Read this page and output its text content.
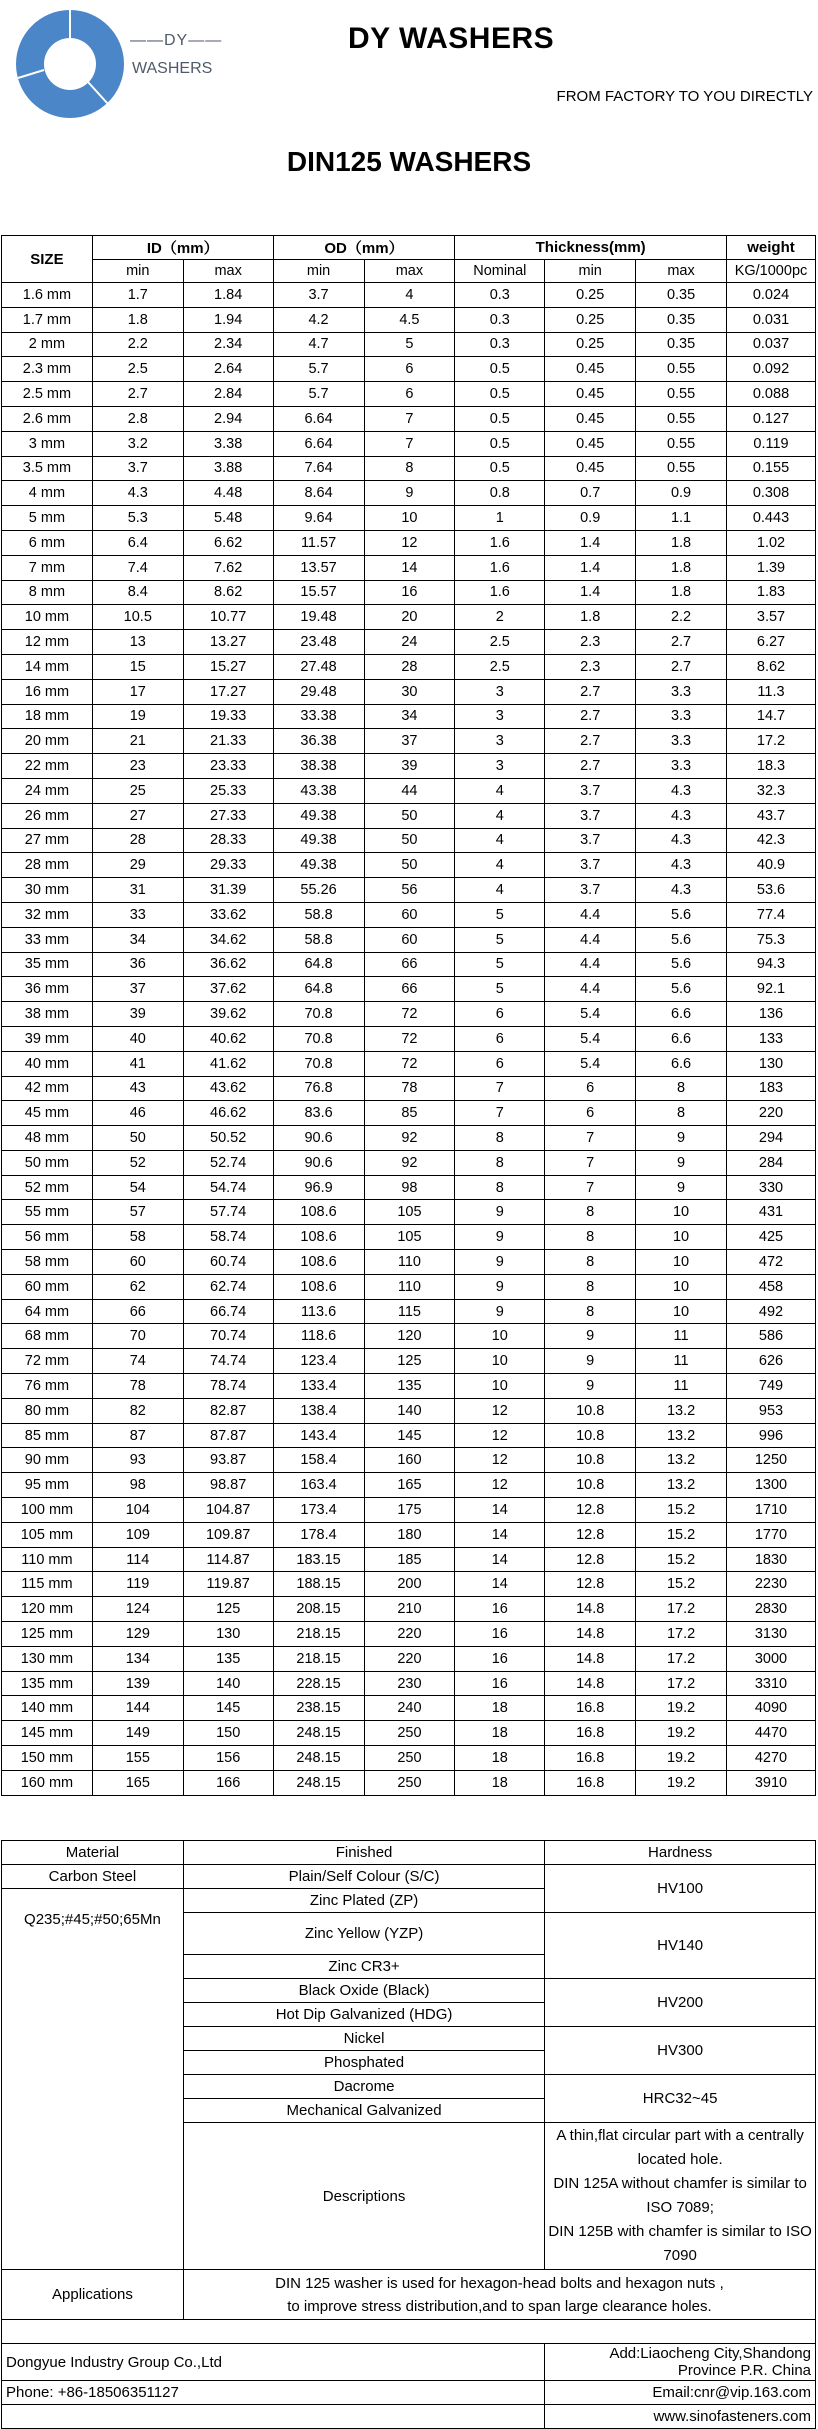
——DY——
WASHERS
DY WASHERS
FROM FACTORY TO YOU DIRECTLY
DIN125 WASHERS
SIZE	ID（mm）		OD（mm）		Thickness(mm)			weight
	min	max	min	max	Nominal	min	max	KG/1000pc
1.6 mm	1.7	1.84	3.7	4	0.3	0.25	0.35	0.024
1.7 mm	1.8	1.94	4.2	4.5	0.3	0.25	0.35	0.031
2 mm	2.2	2.34	4.7	5	0.3	0.25	0.35	0.037
2.3 mm	2.5	2.64	5.7	6	0.5	0.45	0.55	0.092
2.5 mm	2.7	2.84	5.7	6	0.5	0.45	0.55	0.088
2.6 mm	2.8	2.94	6.64	7	0.5	0.45	0.55	0.127
3 mm	3.2	3.38	6.64	7	0.5	0.45	0.55	0.119
3.5 mm	3.7	3.88	7.64	8	0.5	0.45	0.55	0.155
4 mm	4.3	4.48	8.64	9	0.8	0.7	0.9	0.308
5 mm	5.3	5.48	9.64	10	1	0.9	1.1	0.443
6 mm	6.4	6.62	11.57	12	1.6	1.4	1.8	1.02
7 mm	7.4	7.62	13.57	14	1.6	1.4	1.8	1.39
8 mm	8.4	8.62	15.57	16	1.6	1.4	1.8	1.83
10 mm	10.5	10.77	19.48	20	2	1.8	2.2	3.57
12 mm	13	13.27	23.48	24	2.5	2.3	2.7	6.27
14 mm	15	15.27	27.48	28	2.5	2.3	2.7	8.62
16 mm	17	17.27	29.48	30	3	2.7	3.3	11.3
18 mm	19	19.33	33.38	34	3	2.7	3.3	14.7
20 mm	21	21.33	36.38	37	3	2.7	3.3	17.2
22 mm	23	23.33	38.38	39	3	2.7	3.3	18.3
24 mm	25	25.33	43.38	44	4	3.7	4.3	32.3
26 mm	27	27.33	49.38	50	4	3.7	4.3	43.7
27 mm	28	28.33	49.38	50	4	3.7	4.3	42.3
28 mm	29	29.33	49.38	50	4	3.7	4.3	40.9
30 mm	31	31.39	55.26	56	4	3.7	4.3	53.6
32 mm	33	33.62	58.8	60	5	4.4	5.6	77.4
33 mm	34	34.62	58.8	60	5	4.4	5.6	75.3
35 mm	36	36.62	64.8	66	5	4.4	5.6	94.3
36 mm	37	37.62	64.8	66	5	4.4	5.6	92.1
38 mm	39	39.62	70.8	72	6	5.4	6.6	136
39 mm	40	40.62	70.8	72	6	5.4	6.6	133
40 mm	41	41.62	70.8	72	6	5.4	6.6	130
42 mm	43	43.62	76.8	78	7	6	8	183
45 mm	46	46.62	83.6	85	7	6	8	220
48 mm	50	50.52	90.6	92	8	7	9	294
50 mm	52	52.74	90.6	92	8	7	9	284
52 mm	54	54.74	96.9	98	8	7	9	330
55 mm	57	57.74	108.6	105	9	8	10	431
56 mm	58	58.74	108.6	105	9	8	10	425
58 mm	60	60.74	108.6	110	9	8	10	472
60 mm	62	62.74	108.6	110	9	8	10	458
64 mm	66	66.74	113.6	115	9	8	10	492
68 mm	70	70.74	118.6	120	10	9	11	586
72 mm	74	74.74	123.4	125	10	9	11	626
76 mm	78	78.74	133.4	135	10	9	11	749
80 mm	82	82.87	138.4	140	12	10.8	13.2	953
85 mm	87	87.87	143.4	145	12	10.8	13.2	996
90 mm	93	93.87	158.4	160	12	10.8	13.2	1250
95 mm	98	98.87	163.4	165	12	10.8	13.2	1300
100 mm	104	104.87	173.4	175	14	12.8	15.2	1710
105 mm	109	109.87	178.4	180	14	12.8	15.2	1770
110 mm	114	114.87	183.15	185	14	12.8	15.2	1830
115 mm	119	119.87	188.15	200	14	12.8	15.2	2230
120 mm	124	125	208.15	210	16	14.8	17.2	2830
125 mm	129	130	218.15	220	16	14.8	17.2	3130
130 mm	134	135	218.15	220	16	14.8	17.2	3000
135 mm	139	140	228.15	230	16	14.8	17.2	3310
140 mm	144	145	238.15	240	18	16.8	19.2	4090
145 mm	149	150	248.15	250	18	16.8	19.2	4470
150 mm	155	156	248.15	250	18	16.8	19.2	4270
160 mm	165	166	248.15	250	18	16.8	19.2	3910
Material	Finished	Hardness
Carbon Steel	Plain/Self Colour (S/C)	HV100
Q235;#45;#50;65Mn	Zinc Plated (ZP)	
	Zinc Yellow (YZP)	HV140
	Zinc CR3+	
	Black Oxide (Black)	HV200
	Hot Dip Galvanized (HDG)	
	Nickel	HV300
	Phosphated	
	Dacrome	HRC32~45
	Mechanical Galvanized	
	Descriptions	A thin,flat circular part with a centrally located hole.
DIN 125A without chamfer is similar to ISO 7089;
DIN 125B with chamfer is similar to ISO 7090

Applications	DIN 125 washer is used for hexagon-head bolts and hexagon nuts ,
to improve stress distribution,and to span large clearance holes.	

Dongyue Industry Group Co.,Ltd		Add:Liaocheng City,Shandong Province P.R. China
Phone: +86-18506351127		Email:cnr@vip.163.com
		www.sinofasteners.com
